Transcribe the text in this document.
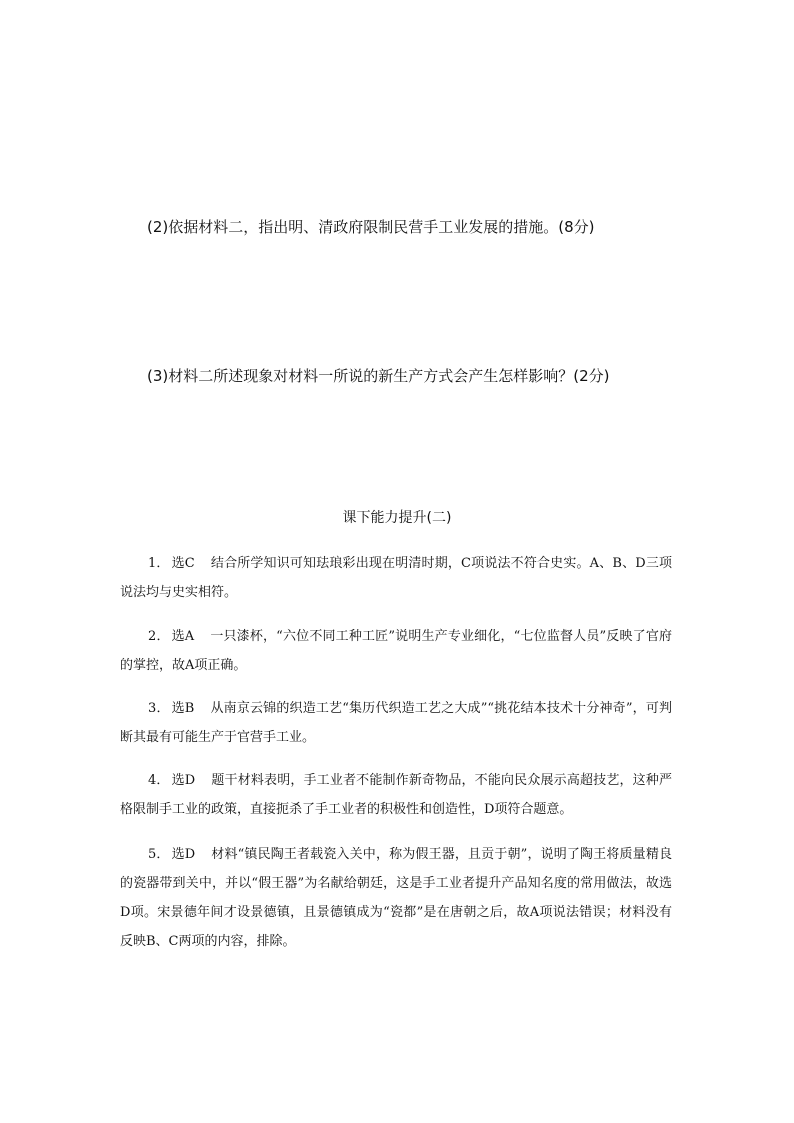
(2)依据材料二，指出明、清政府限制民营手工业发展的措施。(8分)
(3)材料二所述现象对材料一所说的新生产方式会产生怎样影响？(2分)
课下能力提升(二)

1． 选C 结合所学知识可知珐琅彩出现在明清时期，C项说法不符合史实。A、B、D三项说法均与史实相符。

2． 选A 一只漆杯，“六位不同工种工匠”说明生产专业细化，“七位监督人员”反映了官府的掌控，故A项正确。

3． 选B 从南京云锦的织造工艺“集历代织造工艺之大成”“挑花结本技术十分神奇”，可判断其最有可能生产于官营手工业。

4． 选D 题干材料表明，手工业者不能制作新奇物品，不能向民众展示高超技艺，这种严格限制手工业的政策，直接扼杀了手工业者的积极性和创造性，D项符合题意。

5． 选D 材料“镇民陶王者载瓷入关中，称为假王器，且贡于朝”，说明了陶王将质量精良的瓷器带到关中，并以“假王器”为名献给朝廷，这是手工业者提升产品知名度的常用做法，故选D项。宋景德年间才设景德镇，且景德镇成为“瓷都”是在唐朝之后，故A项说法错误；材料没有反映B、C两项的内容，排除。
